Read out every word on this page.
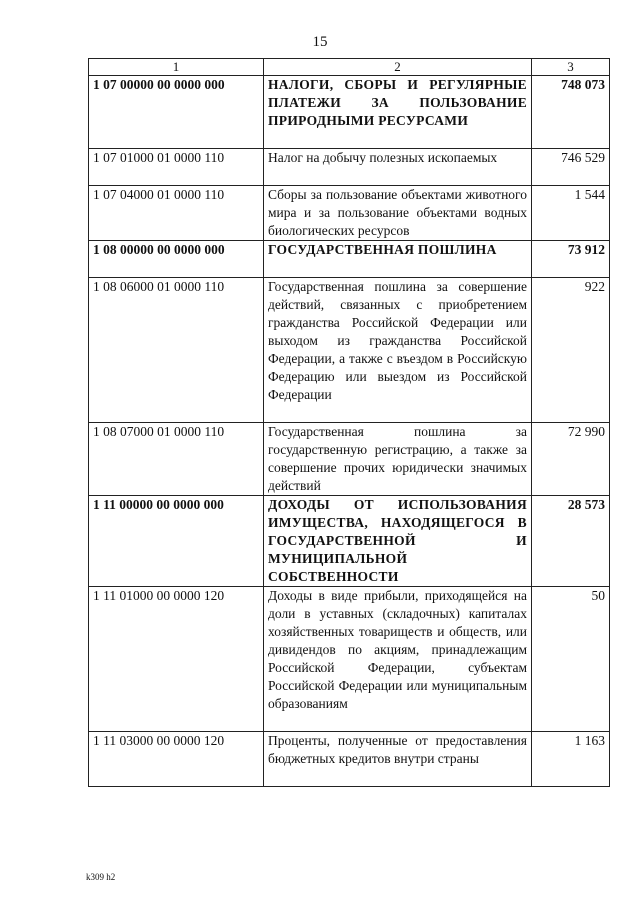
15
1	2	3
1 07 00000 00 0000 000	НАЛОГИ, СБОРЫ И РЕГУЛЯРНЫЕ ПЛАТЕЖИ ЗА ПОЛЬЗОВАНИЕ ПРИРОДНЫМИ РЕСУРСАМИ	748 073
1 07 01000 01 0000 110	Налог на добычу полезных ископаемых	746 529
1 07 04000 01 0000 110	Сборы за пользование объектами животного мира и за пользование объектами водных биологических ресурсов	1 544
1 08 00000 00 0000 000	ГОСУДАРСТВЕННАЯ ПОШЛИНА	73 912
1 08 06000 01 0000 110	Государственная пошлина за совершение действий, связанных с приобретением гражданства Российской Федерации или выходом из гражданства Российской Федерации, а также с въездом в Российскую Федерацию или выездом из Российской Федерации	922
1 08 07000 01 0000 110	Государственная пошлина за государственную регистрацию, а также за совершение прочих юридически значимых действий	72 990
1 11 00000 00 0000 000	ДОХОДЫ ОТ ИСПОЛЬЗОВАНИЯ ИМУЩЕСТВА, НАХОДЯЩЕГОСЯ В ГОСУДАРСТВЕННОЙ И МУНИЦИПАЛЬНОЙ СОБСТВЕННОСТИ	28 573
1 11 01000 00 0000 120	Доходы в виде прибыли, приходящейся на доли в уставных (складочных) капиталах хозяйственных товариществ и обществ, или дивидендов по акциям, принадлежащим Российской Федерации, субъектам Российской Федерации или муниципальным образованиям	50
1 11 03000 00 0000 120	Проценты, полученные от предоставления бюджетных кредитов внутри страны	1 163
k309 h2
